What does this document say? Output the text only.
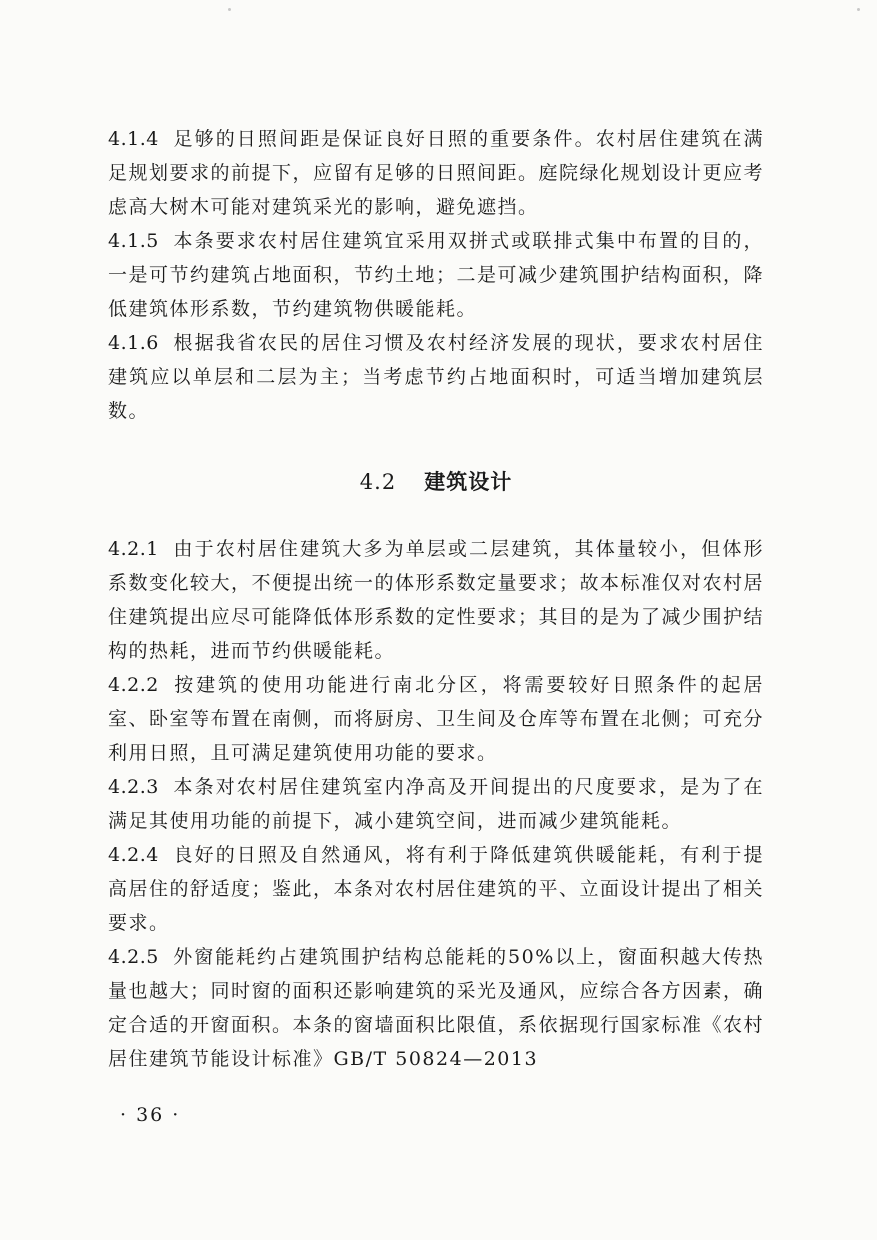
4.1.4 足够的日照间距是保证良好日照的重要条件。农村居住建筑在满足规划要求的前提下，应留有足够的日照间距。庭院绿化规划设计更应考虑高大树木可能对建筑采光的影响，避免遮挡。

4.1.5 本条要求农村居住建筑宜采用双拼式或联排式集中布置的目的，一是可节约建筑占地面积，节约土地；二是可减少建筑围护结构面积，降低建筑体形系数，节约建筑物供暖能耗。

4.1.6 根据我省农民的居住习惯及农村经济发展的现状，要求农村居住建筑应以单层和二层为主；当考虑节约占地面积时，可适当增加建筑层数。

4.2 建筑设计

4.2.1 由于农村居住建筑大多为单层或二层建筑，其体量较小，但体形系数变化较大，不便提出统一的体形系数定量要求；故本标准仅对农村居住建筑提出应尽可能降低体形系数的定性要求；其目的是为了减少围护结构的热耗，进而节约供暖能耗。

4.2.2 按建筑的使用功能进行南北分区，将需要较好日照条件的起居室、卧室等布置在南侧，而将厨房、卫生间及仓库等布置在北侧；可充分利用日照，且可满足建筑使用功能的要求。

4.2.3 本条对农村居住建筑室内净高及开间提出的尺度要求，是为了在满足其使用功能的前提下，减小建筑空间，进而减少建筑能耗。

4.2.4 良好的日照及自然通风，将有利于降低建筑供暖能耗，有利于提高居住的舒适度；鉴此，本条对农村居住建筑的平、立面设计提出了相关要求。

4.2.5 外窗能耗约占建筑围护结构总能耗的50%以上，窗面积越大传热量也越大；同时窗的面积还影响建筑的采光及通风，应综合各方因素，确定合适的开窗面积。本条的窗墙面积比限值，系依据现行国家标准《农村居住建筑节能设计标准》GB/T 50824—2013

· 36 ·
